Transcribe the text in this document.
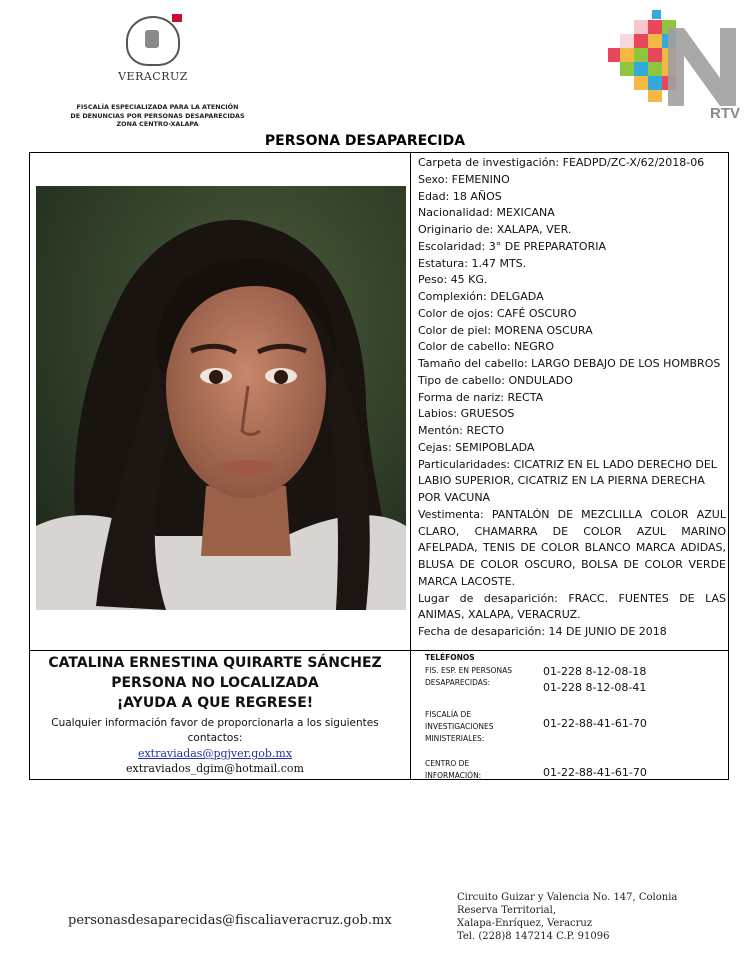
VERACRUZ
FISCALÍA ESPECIALIZADA PARA LA ATENCIÓN
DE DENUNCIAS POR PERSONAS DESAPARECIDAS
ZONA CENTRO-XALAPA
RTV
PERSONA DESAPARECIDA
Carpeta de investigación: FEADPD/ZC-X/62/2018-06
Sexo: FEMENINO
Edad: 18 AÑOS
Nacionalidad: MEXICANA
Originario de: XALAPA, VER.
Escolaridad: 3° DE PREPARATORIA
Estatura: 1.47 MTS.
Peso: 45 KG.
Complexión: DELGADA
Color de ojos: CAFÉ OSCURO
Color de piel: MORENA OSCURA
Color de cabello: NEGRO
Tamaño del cabello: LARGO DEBAJO DE LOS HOMBROS
Tipo de cabello: ONDULADO
Forma de nariz: RECTA
Labios: GRUESOS
Mentón: RECTO
Cejas: SEMIPOBLADA
Particularidades: CICATRIZ EN EL LADO DERECHO DEL LABIO SUPERIOR, CICATRIZ EN LA PIERNA DERECHA POR VACUNA
Vestimenta: PANTALÓN DE MEZCLILLA COLOR AZUL CLARO, CHAMARRA DE COLOR AZUL MARINO AFELPADA, TENIS DE COLOR BLANCO MARCA ADIDAS, BLUSA DE COLOR OSCURO, BOLSA DE COLOR VERDE MARCA LACOSTE.
Lugar de desaparición: FRACC. FUENTES DE LAS ANIMAS, XALAPA, VERACRUZ.
Fecha de desaparición: 14 DE JUNIO DE 2018
CATALINA ERNESTINA QUIRARTE SÁNCHEZ
PERSONA NO LOCALIZADA
¡AYUDA A QUE REGRESE!
Cualquier información favor de proporcionarla a los siguientes contactos:
extraviadas@pgjver.gob.mx
extraviados_dgim@hotmail.com
TELÉFONOS
FIS. ESP. EN PERSONAS
DESAPARECIDAS:
01-228 8-12-08-18
01-228 8-12-08-41
FISCALÍA DE
INVESTIGACIONES
MINISTERIALES:
01-22-88-41-61-70
CENTRO DE
INFORMACIÓN:	01-22-88-41-61-70
personasdesaparecidas@fiscaliaveracruz.gob.mx
Circuito Guizar y Valencia No. 147, Colonia
Reserva Territorial,
Xalapa-Enríquez, Veracruz
Tel. (228)8 147214 C.P. 91096
